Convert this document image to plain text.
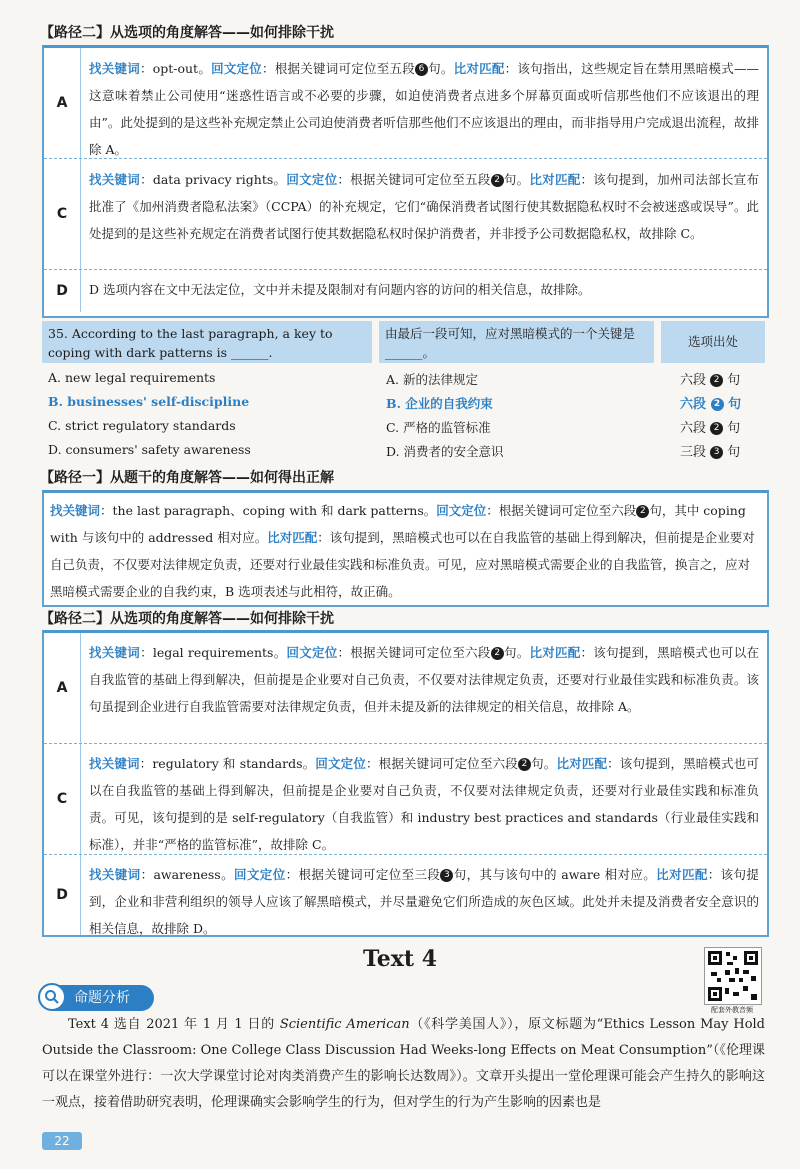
【路径二】从选项的角度解答——如何排除干扰
A
找关键词：opt-out。回文定位：根据关键词可定位至五段 6 句。比对匹配：该句指出，这些规定旨在禁用黑暗模式——这意味着禁止公司使用“迷惑性语言或不必要的步骤，如迫使消费者点进多个屏幕页面或听信那些他们不应该退出的理由”。此处提到的是这些补充规定禁止公司迫使消费者听信那些他们不应该退出的理由，而非指导用户完成退出流程，故排除 A。
C
找关键词：data privacy rights。回文定位：根据关键词可定位至五段 2 句。比对匹配：该句提到，加州司法部长宣布批准了《加州消费者隐私法案》（CCPA）的补充规定，它们“确保消费者试图行使其数据隐私权时不会被迷惑或误导”。此处提到的是这些补充规定在消费者试图行使其数据隐私权时保护消费者，并非授予公司数据隐私权，故排除 C。
D	D 选项内容在文中无法定位，文中并未提及限制对有问题内容的访问的相关信息，故排除。
35. According to the last paragraph, a key to coping with dark patterns is ______.
由最后一段可知，应对黑暗模式的一个关键是______。
选项出处
A. new legal requirements	A. 新的法律规定	六段 2 句
B. businesses' self-discipline	B. 企业的自我约束	六段 2 句
C. strict regulatory standards	C. 严格的监管标准	六段 2 句
D. consumers' safety awareness	D. 消费者的安全意识	三段 3 句
【路径一】从题干的角度解答——如何得出正解
找关键词：the last paragraph、coping with 和 dark patterns。回文定位：根据关键词可定位至六段 2 句，其中 coping with 与该句中的 addressed 相对应。比对匹配：该句提到，黑暗模式也可以在自我监管的基础上得到解决，但前提是企业要对自己负责，不仅要对法律规定负责，还要对行业最佳实践和标准负责。可见，应对黑暗模式需要企业的自我监管，换言之，应对黑暗模式需要企业的自我约束，B 选项表述与此相符，故正确。
【路径二】从选项的角度解答——如何排除干扰
A
找关键词：legal requirements。回文定位：根据关键词可定位至六段 2 句。比对匹配：该句提到，黑暗模式也可以在自我监管的基础上得到解决，但前提是企业要对自己负责，不仅要对法律规定负责，还要对行业最佳实践和标准负责。该句虽提到企业进行自我监管需要对法律规定负责，但并未提及新的法律规定的相关信息，故排除 A。
C
找关键词：regulatory 和 standards。回文定位：根据关键词可定位至六段 2 句。比对匹配：该句提到，黑暗模式也可以在自我监管的基础上得到解决，但前提是企业要对自己负责，不仅要对法律规定负责，还要对行业最佳实践和标准负责。可见，该句提到的是 self-regulatory（自我监管）和 industry best practices and standards（行业最佳实践和标准），并非“严格的监管标准”，故排除 C。
D
找关键词：awareness。回文定位：根据关键词可定位至三段 3 句，其与该句中的 aware 相对应。比对匹配：该句提到，企业和非营利组织的领导人应该了解黑暗模式，并尽量避免它们所造成的灰色区域。此处并未提及消费者安全意识的相关信息，故排除 D。
Text 4
命题分析
配套外教音频
Text 4 选自 2021 年 1 月 1 日的 Scientific American（《科学美国人》），原文标题为“Ethics Lesson May Hold Outside the Classroom: One College Class Discussion Had Weeks-long Effects on Meat Consumption”（《伦理课可以在课堂外进行：一次大学课堂讨论对肉类消费产生的影响长达数周》）。文章开头提出一堂伦理课可能会产生持久的影响这一观点，接着借助研究表明，伦理课确实会影响学生的行为，但对学生的行为产生影响的因素也是
22
